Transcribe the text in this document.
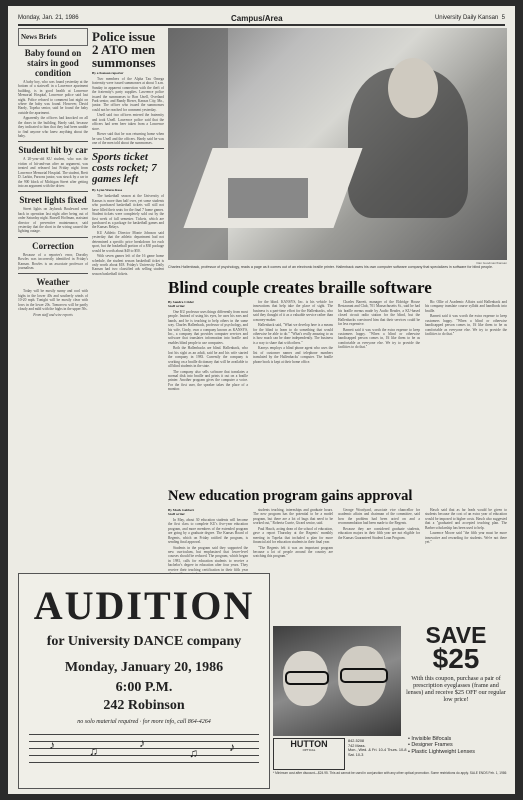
Monday, Jan. 21, 1986	Campus/Area	University Daily Kansan 5
News Briefs
Baby found on stairs in good condition

A baby boy, who was found yesterday at the bottom of a stairwell in a Lawrence apartment building, is in good health at Lawrence Memorial Hospital, Lawrence police said last night. Police refused to comment last night on where the baby was found. However, David Hardy, Topeka senior, said he found the baby outside the apartment.

Apparently the officers had knocked on all the doors in the building, Hardy said, because they indicated to him that they had been unable to find anyone who knew anything about the baby.

Student hit by car

A 20-year-old KU student, who was the victim of hit-and-run after an argument, was treated and released last Friday night from Lawrence Memorial Hospital. The student, Brett D. Larkin, Parsons junior, was struck by a car in the 900 block of Michigan Street after getting into an argument with the driver.

Street lights fixed

Street lights on Jayhawk Boulevard were back in operation last night after being out of order Saturday night. Russell Hoffman, assistant director of preventive maintenance, said yesterday that the short in the wiring caused the lighting outage.

Correction

Because of a reporter's error, Dorothy Bowles was incorrectly identified in Friday's Kansan. Bowles is an associate professor of journalism.

Weather

Today will be mostly sunny and cool with highs in the lower 40s and southerly winds of 10-20 mph. Tonight will be mostly clear with lows in the lower 20s. Tomorrow will be partly cloudy and mild with the highs in the upper 50s.

From staff and wire reports
Police issue 2 ATO men summonses
By a Kansan reporter

Two members of the Alpha Tau Omega fraternity were issued summonses at about 5 a.m. Sunday in apparent connection with the theft of the fraternity's party supplies. Lawrence police issued the summonses to Ron Unell, Overland Park senior, and Randy Rieser, Kansas City, Mo., junior. The officer who issued the summonses could not be reached for comment yesterday.

Unell said two officers entered the fraternity and took Unell. Lawrence police said that the officers had seen beer taken from a Lawrence store.

Rieser said that he was returning home when he saw Unell and the officers. Hardy said he was one of the men told about the summonses.

Sports ticket costs rocket; 7 games left
By Lynn Wares Rose

The basketball season at the University of Kansas is more than half over, yet some students who purchased basketball tickets will still not have filled their seats for the final 7 home games. Student tickets were completely sold out by the first week of fall semester. Tickets, which are purchased as a package for basketball games and the Kansas Relays.

KU Athletic Director Monte Johnson said yesterday that the athletic department had not determined a specific price breakdown for each sport, but the basketball portion of a $30 package would be worth about $40 to $50.

With seven games left of the 16 game home schedule, the student season basketball ticket is only worth about $18. Friday's University Daily Kansan had two classified ads selling student season basketball tickets.

Dan Goodman/Kansan
Charles Hallenback, professor of psychology, reads a page as it comes out of an electronic braille printer. Hallenback owns his own computer software company that specializes in software for blind people.
Blind couple creates braille software
By Sandra Crider
Staff writer

One KU professor uses things differently from most people. Instead of using his eyes, he uses his ears and hands, and he is teaching to help others in the same way. Charles Hallenback, professor of psychology, and his wife, Cindy, own a company known as KANSYS, Inc., a company that provides computer services and software that translates information into braille and enables blind people to use computers.

Both the Hallenbacks are blind. Hallenback, who lost his sight as an adult, said he and his wife started the company in 1983. Currently the company is working on a braille dictionary that will be available to all blind students in the state.

The company also sells software that translates a normal disk into braille and prints it out on a braille printer. Another program gives the computer a voice. For the first user, the speaker takes the place of a monitor.

for the blind. KANSYS, Inc. is his vehicle for innovations that help take the place of sight. The business is a part-time effort for the Hallenbacks, who said they thought of it as a valuable service rather than a money-maker.

Hallenback said, "What we develop here is a means for the blind to learn to do something that would otherwise be able to do." "What's really amazing to us is how much can be done independently. The business is a way to share that with others."

Kansys employs a blind phone agent who uses the list of customer names and telephone numbers translated by the Hallenbacks' computer. The braille phone book is kept at their home office.

Charles Barrett, manager of the Eldridge House Restaurant and Club, 701 Massachusetts St., said he had his braille menus made by Audio Reader, a KU-based closed circuit radio station for the blind, but the Hallenbacks convinced him that their services could be far less expensive.

Barnett said it was worth the extra expense to keep customers happy. "When a blind or otherwise handicapped person comes in, I'd like them to be as comfortable as everyone else. We try to provide the facilities to do that."

Ric Ollie of Academic Affairs said Hallenback and his company translate course syllabi and handbook into braille.

Barnett said it was worth the extra expense to keep customers happy. "When a blind or otherwise handicapped person comes in, I'd like them to be as comfortable as everyone else. We try to provide the facilities to do that."

New education program gains approval
By Mark Gabbert
Staff writer

In May, about 30 education students will become the first class to complete KU's five-year education program, and more members of the extended program are going by a graduate degree. The Kansas Board of Regents, which on Friday ratified the program, is sending final approval.

Students in the program said they supported the new curriculum, but emphasized that lower-level courses should be reduced. The program, which began in 1981, calls for education students to receive a bachelor's degree in education after four years. They receive their teaching certification in their fifth year

students teaching, internships and graduate hours. The new program has the potential to be a model program, but there are a lot of bugs that need to be worked out," Roberta Currie, Girard senior, said.

Paul Hasch, acting dean of the school of education, gave a report Thursday at the Regents' monthly meeting in Topeka that included a plan for more financial aid for education students in their final year.

"The Regents felt it was an important program because a lot of people around the country are watching this program."

George Woodyard, associate vice chancellor for academic affairs and chairman of the committee, said how the problem had been acted on and a recommendation had been made to the Regents.

Because they are considered graduate students, education majors in their fifth year are not eligible for the Kansas Guaranteed Student Loan Program.

Hasch said that as far leads would be given to students because the cost of an extra year of education would be imposed to higher costs. Hasch also suggested that a "graduated and accepted teaching plan. The Barber scholarship has been used to help.

Laurence Moore said "the fifth year must be more innovative and rewarding for students. We're not there yet."

AUDITION
for University DANCE company
Monday, January 20, 1986
6:00 P.M.
242 Robinson
no solo material required · for more info, call 864-4264
♪	♫
♪
♫	♪
SAVE
$25
With this coupon, purchase a pair of prescription eyeglasses (frame and lenses) and receive $25 OFF our regular low price!
HUTTON
OPTICAL
842-5208
742 Mass.
Mon., Wed. & Fri. 10-4 Thurs. 10-8 Sat. 10-3
• Invisible Bifocals
• Designer Frames
• Plastic Lightweight Lenses
* Minimum cost after discount—$24.95. This ad cannot be used in conjunction with any other optical promotion. Some restrictions do apply. SALE ENDS Feb. 1, 1986
